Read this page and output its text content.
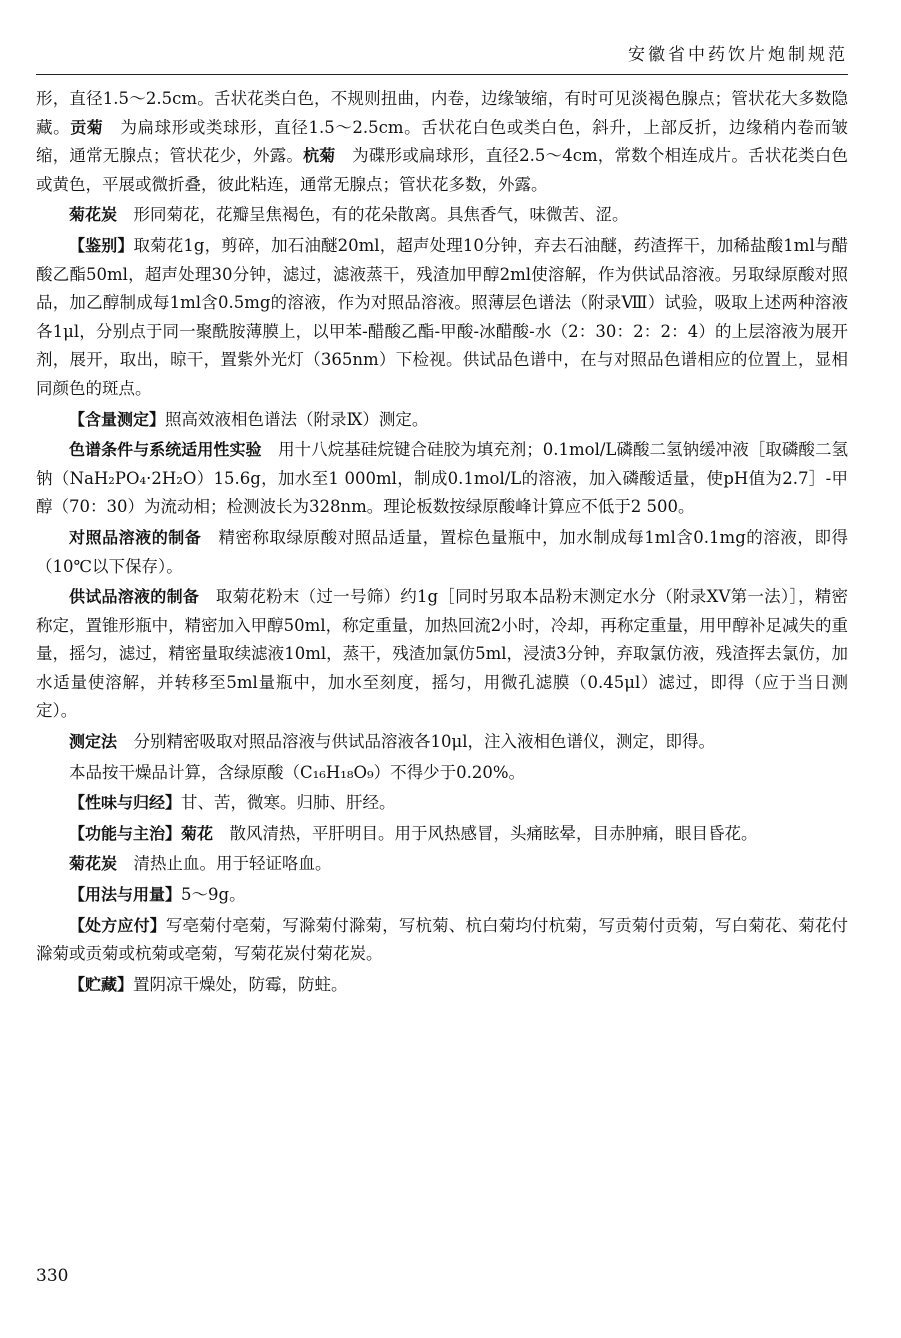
安徽省中药饮片炮制规范

形，直径1.5～2.5cm。舌状花类白色，不规则扭曲，内卷，边缘皱缩，有时可见淡褐色腺点；管状花大多数隐藏。贡菊　为扁球形或类球形，直径1.5～2.5cm。舌状花白色或类白色，斜升，上部反折，边缘稍内卷而皱缩，通常无腺点；管状花少，外露。杭菊　为碟形或扁球形，直径2.5～4cm，常数个相连成片。舌状花类白色或黄色，平展或微折叠，彼此粘连，通常无腺点；管状花多数，外露。

菊花炭　形同菊花，花瓣呈焦褐色，有的花朵散离。具焦香气，味微苦、涩。

【鉴别】取菊花1g，剪碎，加石油醚20ml，超声处理10分钟，弃去石油醚，药渣挥干，加稀盐酸1ml与醋酸乙酯50ml，超声处理30分钟，滤过，滤液蒸干，残渣加甲醇2ml使溶解，作为供试品溶液。另取绿原酸对照品，加乙醇制成每1ml含0.5mg的溶液，作为对照品溶液。照薄层色谱法（附录Ⅷ）试验，吸取上述两种溶液各1μl，分别点于同一聚酰胺薄膜上，以甲苯-醋酸乙酯-甲酸-冰醋酸-水（2：30：2：2：4）的上层溶液为展开剂，展开，取出，晾干，置紫外光灯（365nm）下检视。供试品色谱中，在与对照品色谱相应的位置上，显相同颜色的斑点。

【含量测定】照高效液相色谱法（附录Ⅸ）测定。

色谱条件与系统适用性实验　用十八烷基硅烷键合硅胶为填充剂；0.1mol/L磷酸二氢钠缓冲液［取磷酸二氢钠（NaH₂PO₄·2H₂O）15.6g，加水至1 000ml，制成0.1mol/L的溶液，加入磷酸适量，使pH值为2.7］-甲醇（70：30）为流动相；检测波长为328nm。理论板数按绿原酸峰计算应不低于2 500。

对照品溶液的制备　精密称取绿原酸对照品适量，置棕色量瓶中，加水制成每1ml含0.1mg的溶液，即得（10℃以下保存）。

供试品溶液的制备　取菊花粉末（过一号筛）约1g［同时另取本品粉末测定水分（附录ⅩⅤ第一法）］，精密称定，置锥形瓶中，精密加入甲醇50ml，称定重量，加热回流2小时，冷却，再称定重量，用甲醇补足减失的重量，摇匀，滤过，精密量取续滤液10ml，蒸干，残渣加氯仿5ml，浸渍3分钟，弃取氯仿液，残渣挥去氯仿，加水适量使溶解，并转移至5ml量瓶中，加水至刻度，摇匀，用微孔滤膜（0.45μl）滤过，即得（应于当日测定）。

测定法　分别精密吸取对照品溶液与供试品溶液各10μl，注入液相色谱仪，测定，即得。

本品按干燥品计算，含绿原酸（C₁₆H₁₈O₉）不得少于0.20%。

【性味与归经】甘、苦，微寒。归肺、肝经。

【功能与主治】菊花　散风清热，平肝明目。用于风热感冒，头痛眩晕，目赤肿痛，眼目昏花。

菊花炭　清热止血。用于轻证咯血。

【用法与用量】5～9g。

【处方应付】写亳菊付亳菊，写滁菊付滁菊，写杭菊、杭白菊均付杭菊，写贡菊付贡菊，写白菊花、菊花付滁菊或贡菊或杭菊或亳菊，写菊花炭付菊花炭。

【贮藏】置阴凉干燥处，防霉，防蛀。

330
